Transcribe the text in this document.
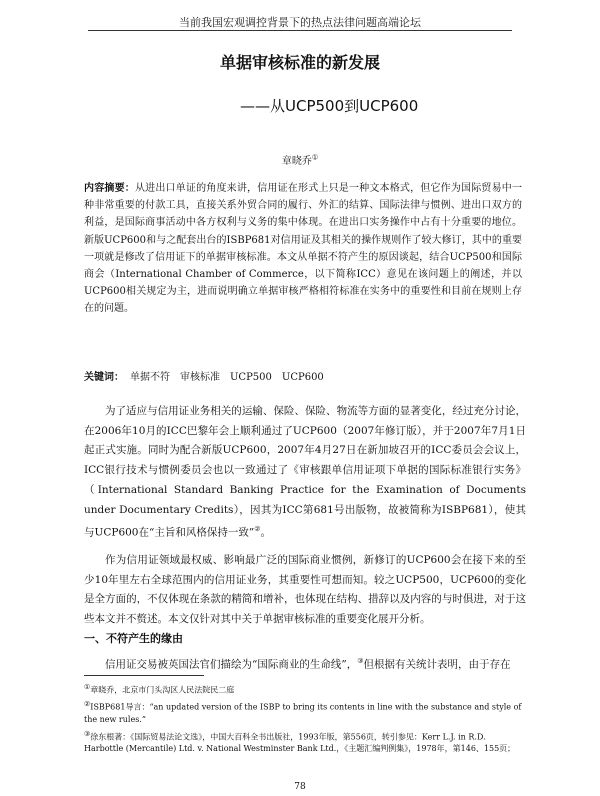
当前我国宏观调控背景下的热点法律问题高端论坛
单据审核标准的新发展
——从UCP500到UCP600
章晓乔①
内容摘要：从进出口单证的角度来讲，信用证在形式上只是一种文本格式，但它作为国际贸易中一种非常重要的付款工具，直接关系外贸合同的履行、外汇的结算、国际法律与惯例、进出口双方的利益，是国际商事活动中各方权利与义务的集中体现。在进出口实务操作中占有十分重要的地位。新版UCP600和与之配套出台的ISBP681对信用证及其相关的操作规则作了较大修订，其中的重要一项就是修改了信用证下的单据审核标准。本文从单据不符产生的原因谈起，结合UCP500和国际商会（International Chamber of Commerce，以下简称ICC）意见在该问题上的阐述，并以UCP600相关规定为主，进而说明确立单据审核严格相符标准在实务中的重要性和目前在规则上存在的问题。
关键词： 单据不符　审核标准　UCP500　UCP600
为了适应与信用证业务相关的运输、保险、保险、物流等方面的显著变化，经过充分讨论，在2006年10月的ICC巴黎年会上顺利通过了UCP600（2007年修订版），并于2007年7月1日起正式实施。同时为配合新版UCP600，2007年4月27日在新加坡召开的ICC委员会会议上，ICC银行技术与惯例委员会也以一致通过了《审核跟单信用证项下单据的国际标准银行实务》（International Standard Banking Practice for the Examination of Documents under Documentary Credits），因其为ICC第681号出版物，故被简称为ISBP681），使其与UCP600在“主旨和风格保持一致”②。
作为信用证领域最权威、影响最广泛的国际商业惯例，新修订的UCP600会在接下来的至少10年里左右全球范围内的信用证业务，其重要性可想而知。较之UCP500，UCP600的变化是全方面的，不仅体现在条款的精简和增补，也体现在结构、措辞以及内容的与时俱进，对于这些本文并不赘述。本文仅针对其中关于单据审核标准的重要变化展开分析。
一、不符产生的缘由
信用证交易被英国法官们描绘为“国际商业的生命线”，③但根据有关统计表明，由于存在

①章晓乔，北京市门头沟区人民法院民二庭

②ISBP681导言：“an updated version of the ISBP to bring its contents in line with the substance and style of the new rules.”

③徐东根著：《国际贸易法论文选》，中国大百科全书出版社，1993年版，第556页，转引参见：Kerr L.J. in R.D. Harbottle (Mercantile) Ltd. v. National Westminster Bank Ltd.，《主题汇编判例集》，1978年，第146、155页；

78
